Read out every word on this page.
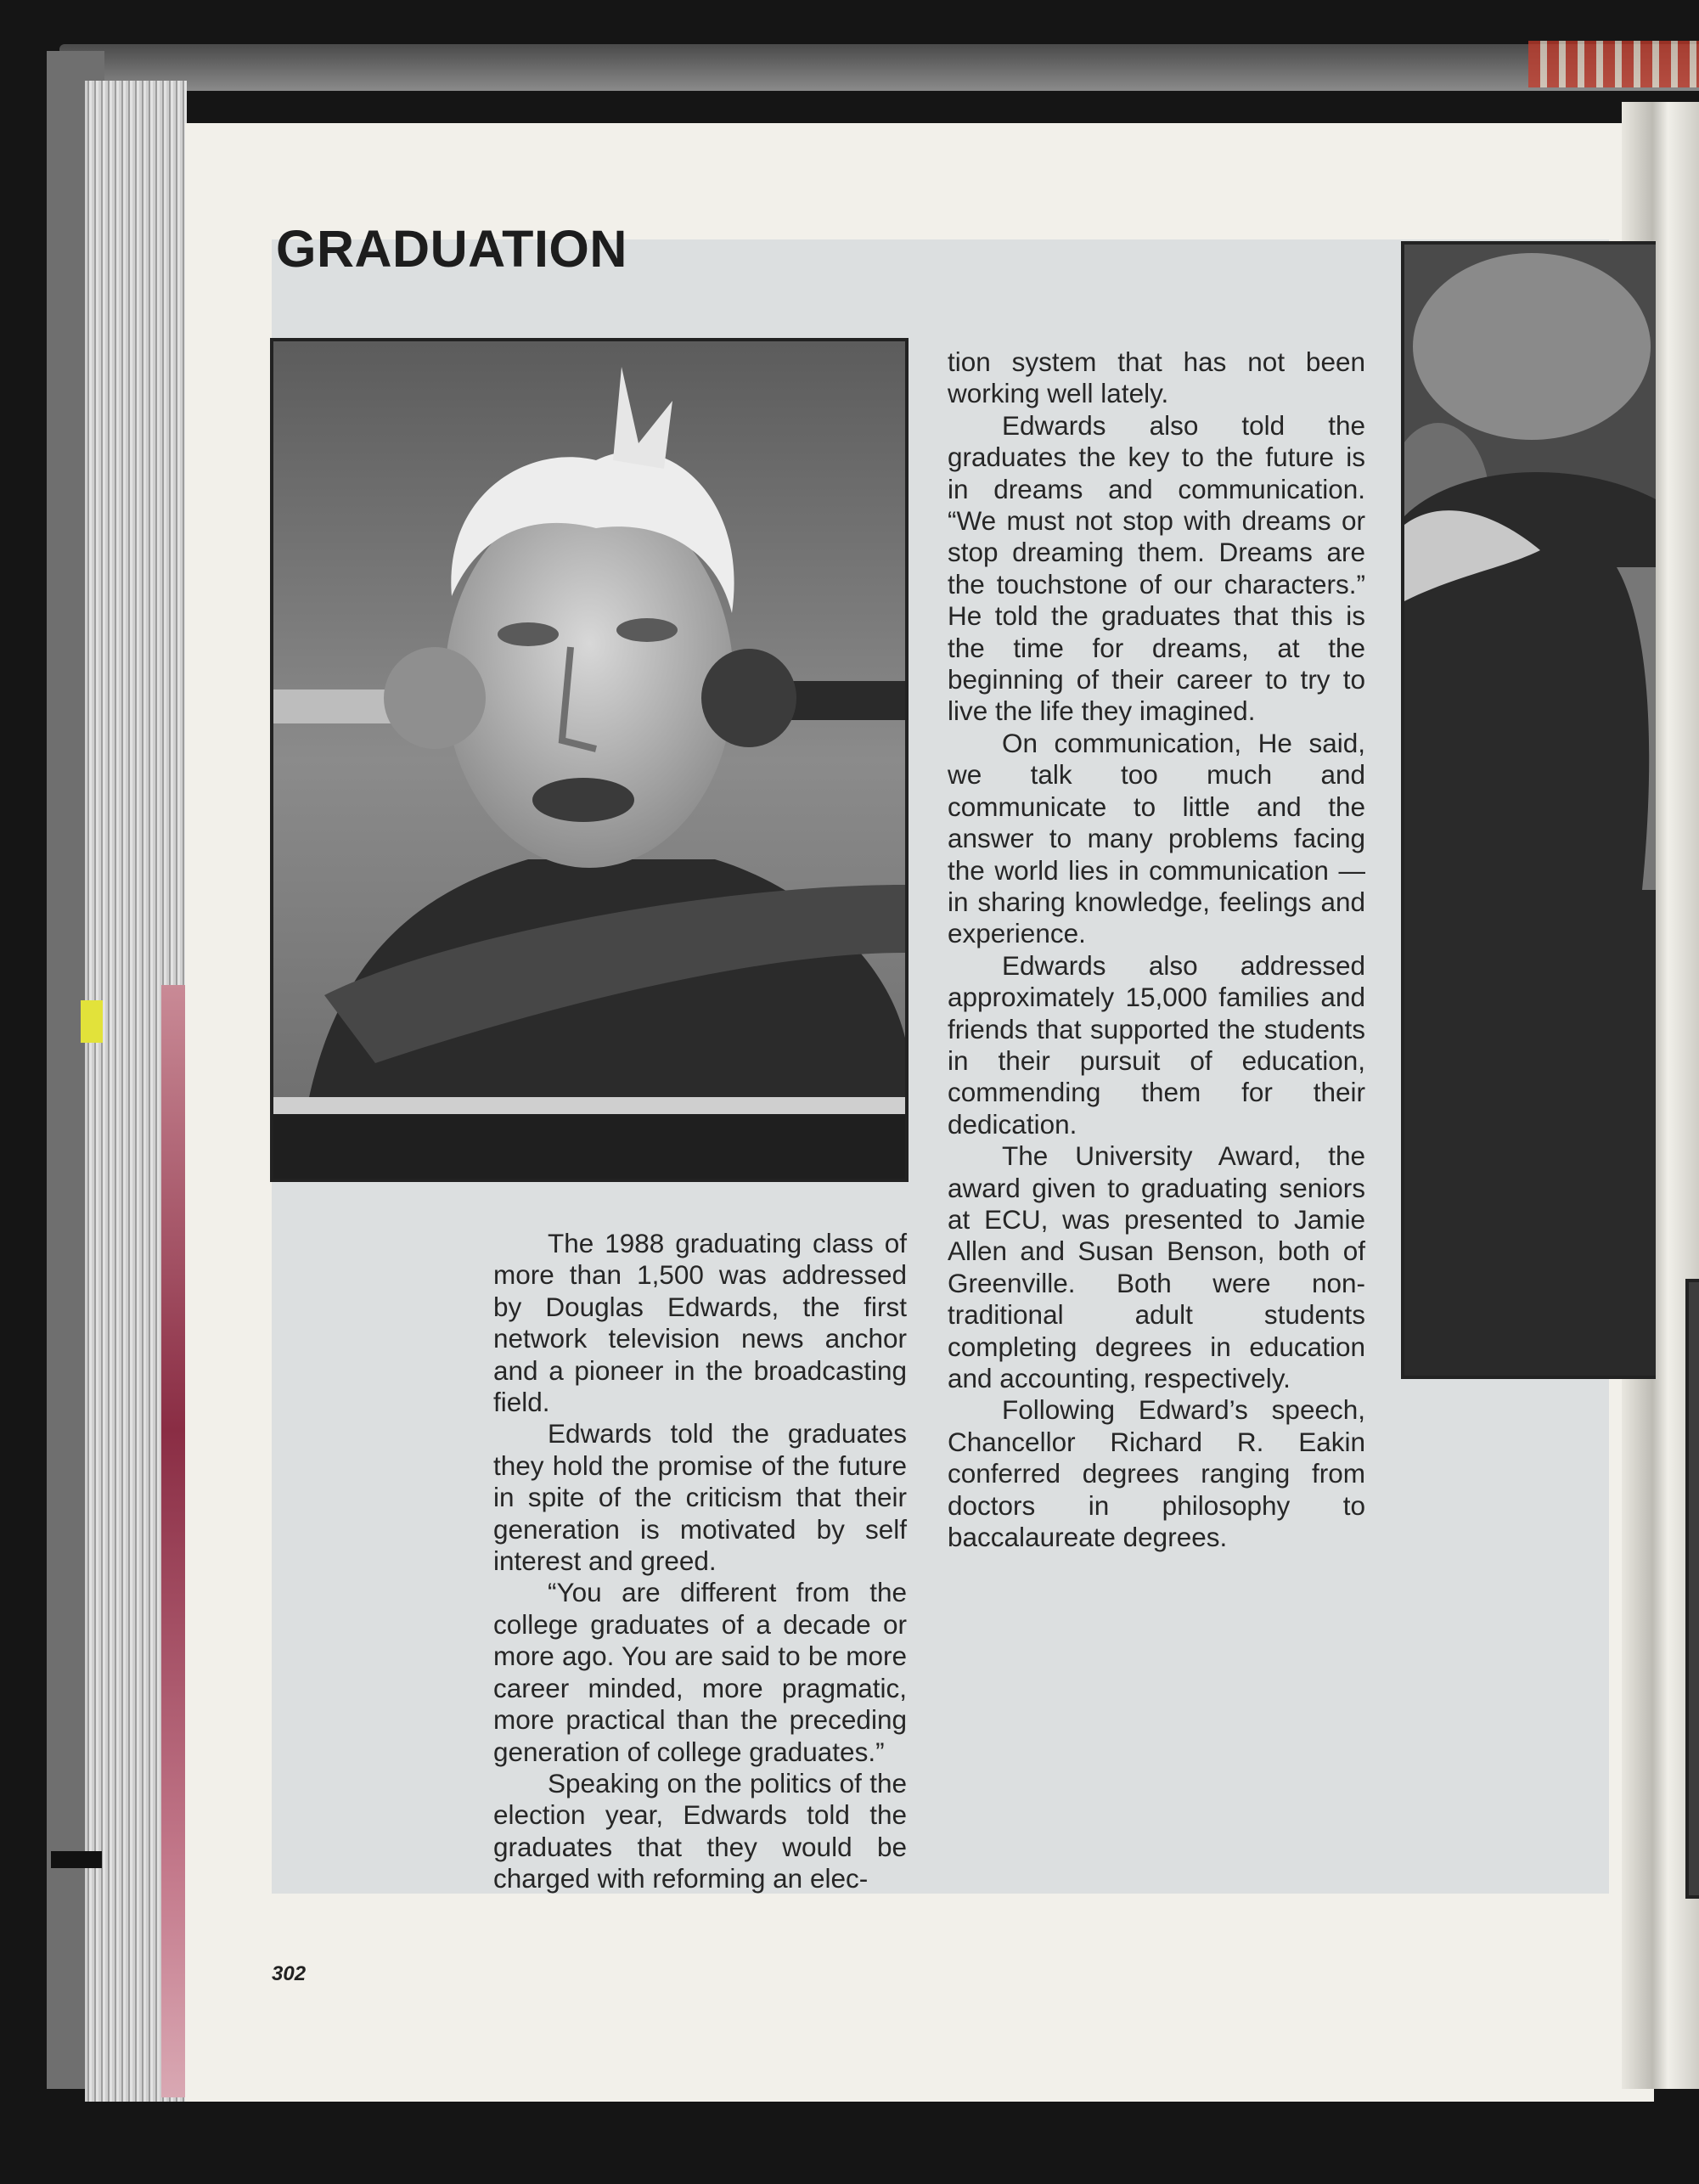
GRADUATION

The 1988 graduating class of more than 1,500 was addressed by Douglas Edwards, the first network television news anchor and a pioneer in the broadcasting field.

Edwards told the graduates they hold the promise of the future in spite of the criticism that their generation is motivated by self interest and greed.

“You are different from the college graduates of a decade or more ago. You are said to be more career minded, more pragmatic, more practical than the preceding generation of college graduates.”

Speaking on the politics of the election year, Edwards told the graduates that they would be charged with reforming an elec-

tion system that has not been working well lately.

Edwards also told the graduates the key to the future is in dreams and communication. “We must not stop with dreams or stop dreaming them. Dreams are the touchstone of our characters.” He told the graduates that this is the time for dreams, at the beginning of their career to try to live the life they imagined.

On communication, He said, we talk too much and communicate to little and the answer to many problems facing the world lies in communication — in sharing knowledge, feelings and experience.

Edwards also addressed approximately 15,000 families and friends that supported the students in their pursuit of education, commending them for their dedication.

The University Award, the award given to graduating seniors at ECU, was presented to Jamie Allen and Susan Benson, both of Greenville. Both were non-traditional adult students completing degrees in education and accounting, respectively.

Following Edward’s speech, Chancellor Richard R. Eakin conferred degrees ranging from doctors in philosophy to baccalaureate degrees.

302
